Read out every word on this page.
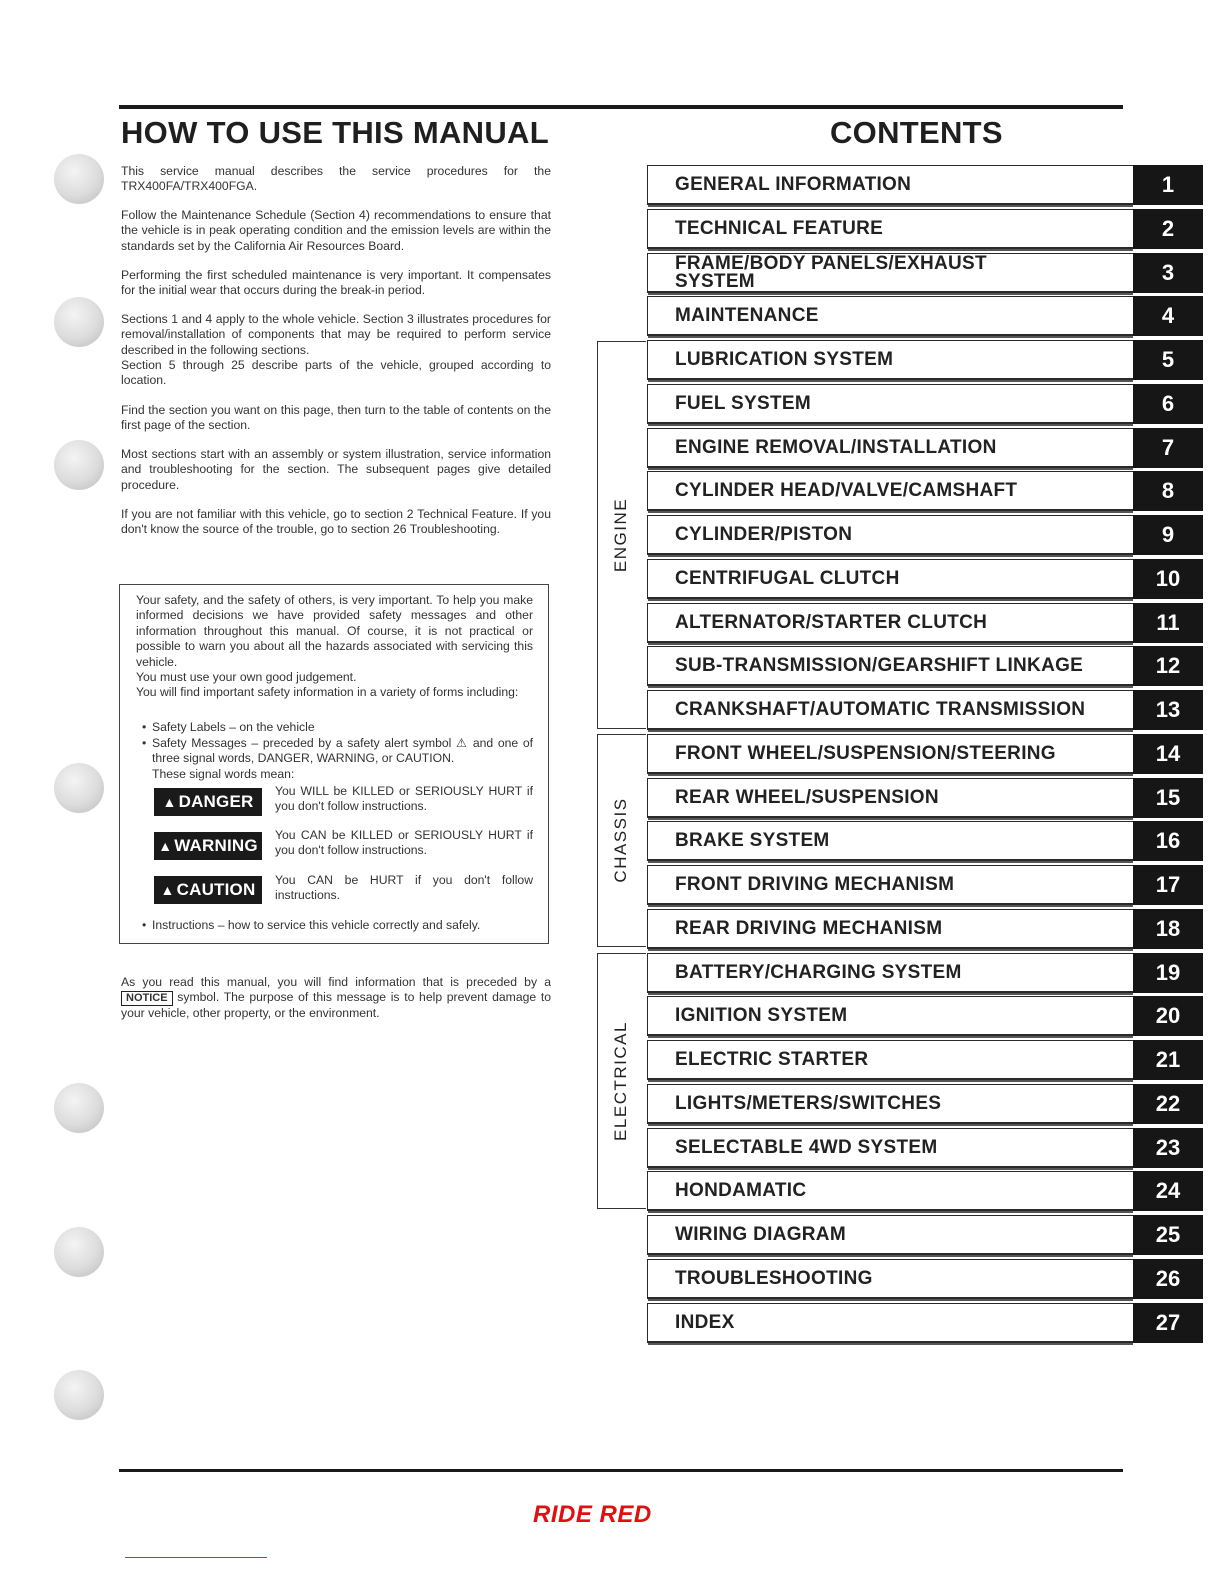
HOW TO USE THIS MANUAL
This service manual describes the service procedures for the TRX400FA/TRX400FGA.
Follow the Maintenance Schedule (Section 4) recommendations to ensure that the vehicle is in peak operating condition and the emission levels are within the standards set by the California Air Resources Board.
Performing the first scheduled maintenance is very important. It compensates for the initial wear that occurs during the break-in period.
Sections 1 and 4 apply to the whole vehicle. Section 3 illustrates procedures for removal/installation of components that may be required to perform service described in the following sections.
Section 5 through 25 describe parts of the vehicle, grouped according to location.
Find the section you want on this page, then turn to the table of contents on the first page of the section.
Most sections start with an assembly or system illustration, service information and troubleshooting for the section. The subsequent pages give detailed procedure.
If you are not familiar with this vehicle, go to section 2 Technical Feature. If you don't know the source of the trouble, go to section 26 Troubleshooting.
Your safety, and the safety of others, is very important. To help you make informed decisions we have provided safety messages and other information throughout this manual. Of course, it is not practical or possible to warn you about all the hazards associated with servicing this vehicle.
You must use your own good judgement.
You will find important safety information in a variety of forms including:
• Safety Labels – on the vehicle
• Safety Messages – preceded by a safety alert symbol ⚠ and one of three signal words, DANGER, WARNING, or CAUTION.
These signal words mean:
▲ DANGER
You WILL be KILLED or SERIOUSLY HURT if you don't follow instructions.
▲ WARNING
You CAN be KILLED or SERIOUSLY HURT if you don't follow instructions.
▲ CAUTION You CAN be HURT if you don't follow instructions.
• Instructions – how to service this vehicle correctly and safely.
As you read this manual, you will find information that is preceded by a NOTICE symbol. The purpose of this message is to help prevent damage to your vehicle, other property, or the environment.
CONTENTS
ENGINE
CHASSIS
ELECTRICAL
GENERAL INFORMATION	1
TECHNICAL FEATURE	2
FRAME/BODY PANELS/EXHAUST
SYSTEM	3
MAINTENANCE	4
LUBRICATION SYSTEM	5
FUEL SYSTEM	6
ENGINE REMOVAL/INSTALLATION	7
CYLINDER HEAD/VALVE/CAMSHAFT	8
CYLINDER/PISTON	9
CENTRIFUGAL CLUTCH	10
ALTERNATOR/STARTER CLUTCH	11
SUB-TRANSMISSION/GEARSHIFT LINKAGE	12
CRANKSHAFT/AUTOMATIC TRANSMISSION	13
FRONT WHEEL/SUSPENSION/STEERING	14
REAR WHEEL/SUSPENSION	15
BRAKE SYSTEM	16
FRONT DRIVING MECHANISM	17
REAR DRIVING MECHANISM	18
BATTERY/CHARGING SYSTEM	19
IGNITION SYSTEM	20
ELECTRIC STARTER	21
LIGHTS/METERS/SWITCHES	22
SELECTABLE 4WD SYSTEM	23
HONDAMATIC	24
WIRING DIAGRAM	25
TROUBLESHOOTING	26
INDEX	27
RIDE RED
